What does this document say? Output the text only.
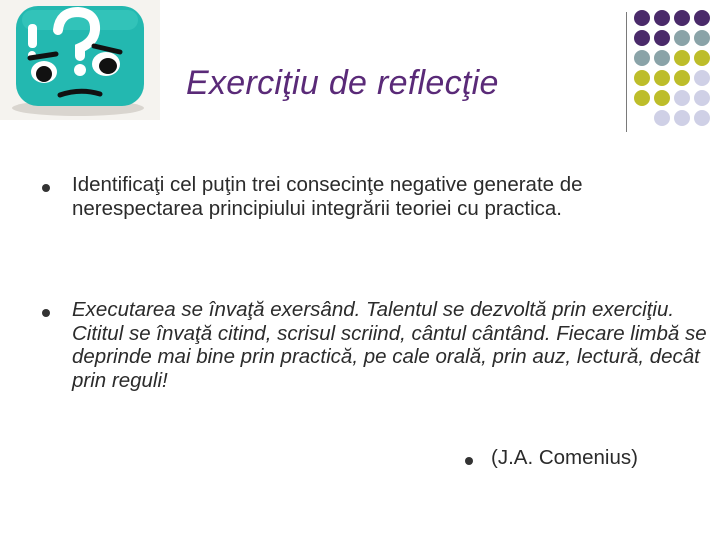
Exerciţiu de reflecţie
Identificaţi cel puţin trei consecinţe negative generate de nerespectarea principiului integrării teoriei cu practica.
Executarea se învaţă exersând. Talentul se dezvoltă prin exerciţiu. Cititul se învaţă citind, scrisul scriind, cântul cântând. Fiecare limbă se deprinde mai bine prin practică, pe cale orală, prin auz, lectură, decât prin reguli!
(J.A. Comenius)
